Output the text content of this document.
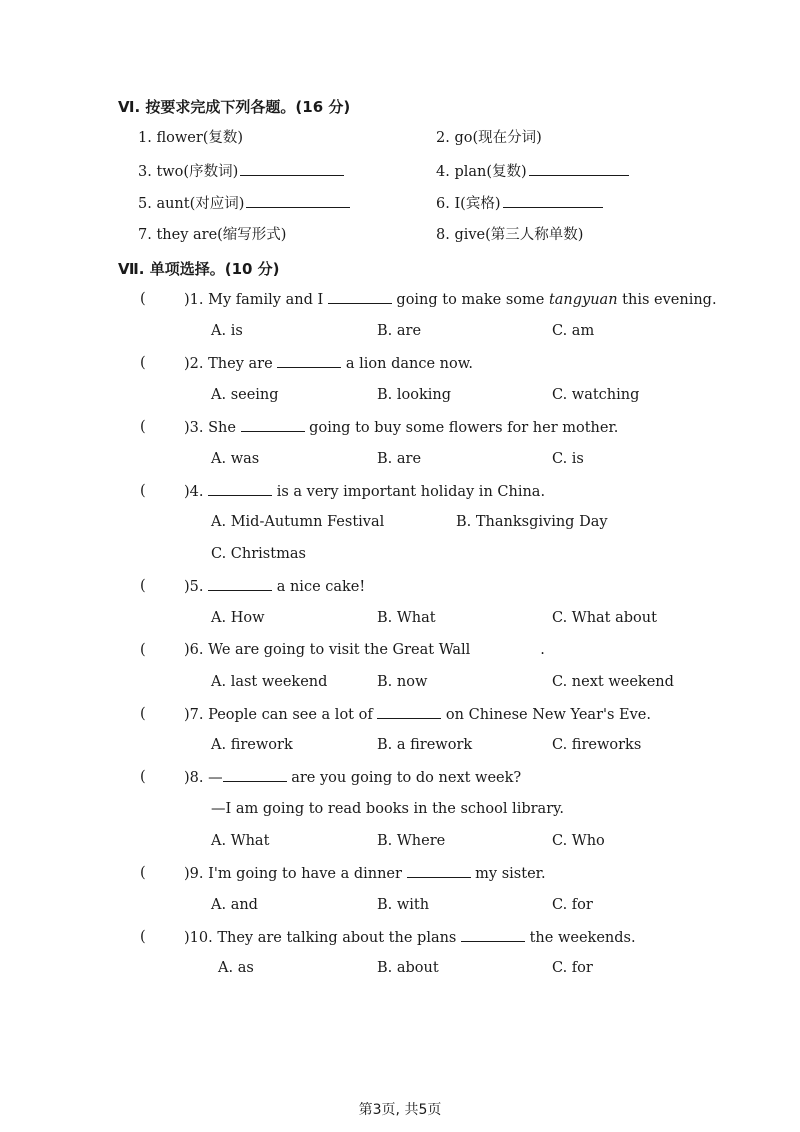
Ⅵ. 按要求完成下列各题。(16 分)
1. flower(复数)	2. go(现在分词)
3. two(序数词)	4. plan(复数)
5. aunt(对应词)	6. I(宾格)
7. they are(缩写形式)	8. give(第三人称单数)
Ⅶ. 单项选择。(10 分)
(	)1. My family and I	going to make some tangyuan this evening.
A. is	B. are	C. am
(	)2. They are	a lion dance now.
A. seeing	B. looking	C. watching
(	)3. She	going to buy some flowers for her mother.
A. was	B. are	C. is
(	)4.	is a very important holiday in China.
A. Mid-Autumn Festival	B. Thanksgiving Day
C. Christmas
(	)5.	a nice cake!
A. How	B. What	C. What about
(	)6. We are going to visit the Great Wall	.
A. last weekend	B. now	C. next weekend
(	)7. People can see a lot of	on Chinese New Year's Eve.
A. firework	B. a firework	C. fireworks
(	)8. —	are you going to do next week?
—I am going to read books in the school library.
A. What	B. Where	C. Who
(	)9. I'm going to have a dinner	my sister.
A. and	B. with	C. for
(	)10. They are talking about the plans	the weekends.
A. as	B. about	C. for
第3页, 共5页
